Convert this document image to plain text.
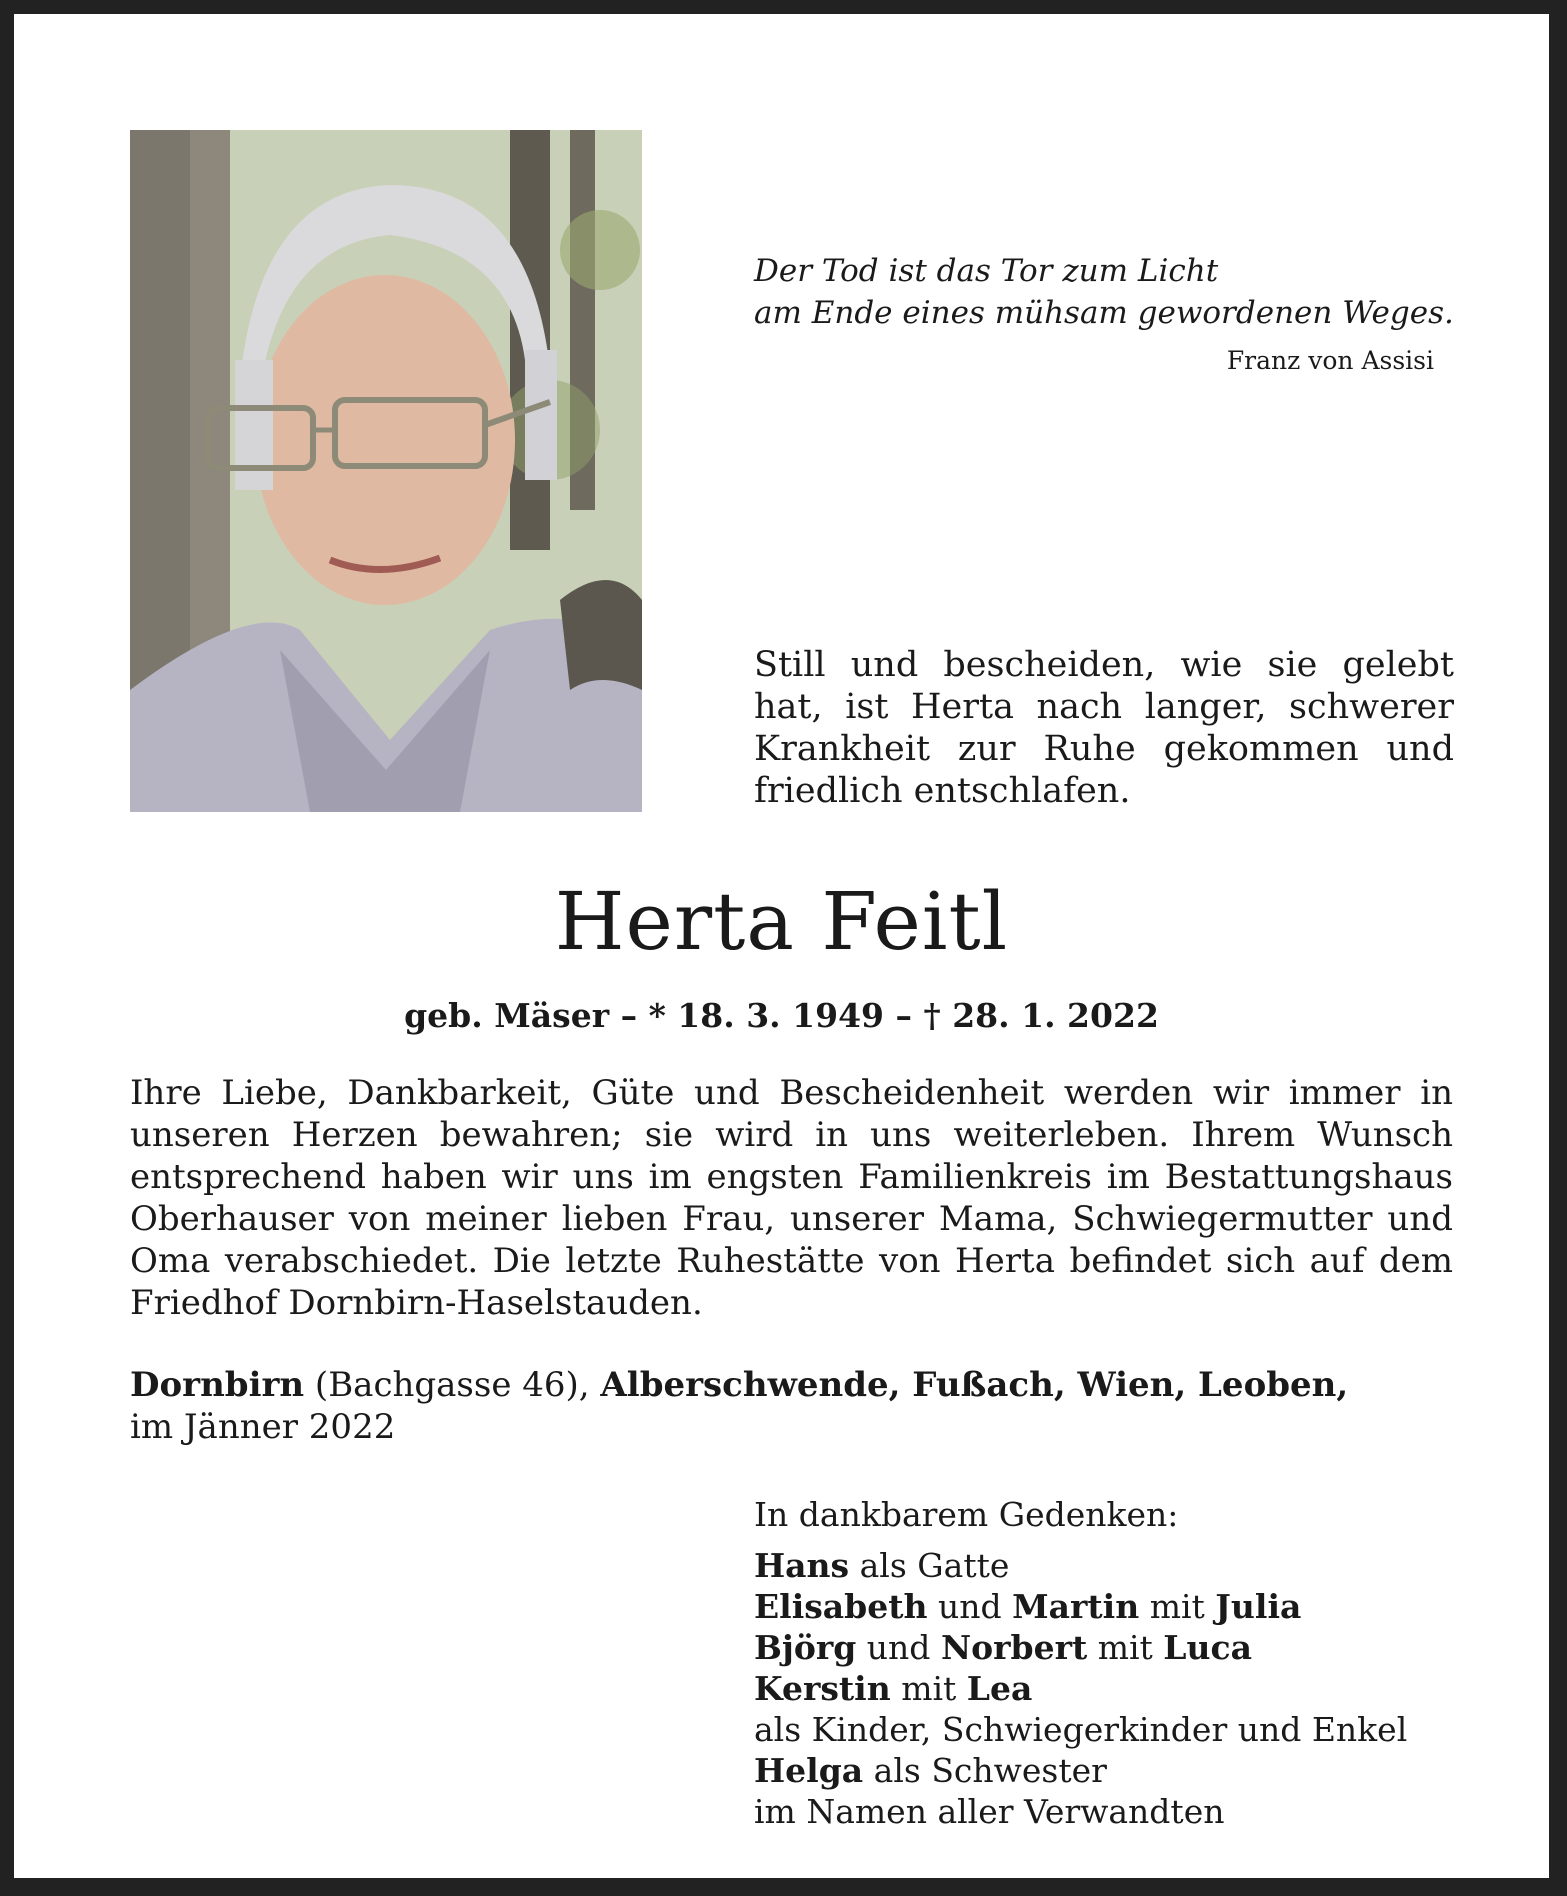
Der Tod ist das Tor zum Licht
am Ende eines mühsam gewordenen Weges.
Franz von Assisi
Still und bescheiden, wie sie gelebt hat, ist Herta nach langer, schwerer Krankheit zur Ruhe gekommen und friedlich entschlafen.
Herta Feitl
geb. Mäser – * 18. 3. 1949 – † 28. 1. 2022
Ihre Liebe, Dankbarkeit, Güte und Bescheidenheit werden wir immer in unseren Herzen bewahren; sie wird in uns weiterleben. Ihrem Wunsch entsprechend haben wir uns im engsten Familienkreis im Bestattungshaus Oberhauser von meiner lieben Frau, unserer Mama, Schwiegermutter und Oma verabschiedet. Die letzte Ruhestätte von Herta befindet sich auf dem Friedhof Dornbirn-Haselstauden.
Dornbirn (Bachgasse 46), Alberschwende, Fußach, Wien, Leoben,
im Jänner 2022
In dankbarem Gedenken:
Hans als Gatte
Elisabeth und Martin mit Julia
Björg und Norbert mit Luca
Kerstin mit Lea
als Kinder, Schwiegerkinder und Enkel
Helga als Schwester
im Namen aller Verwandten
